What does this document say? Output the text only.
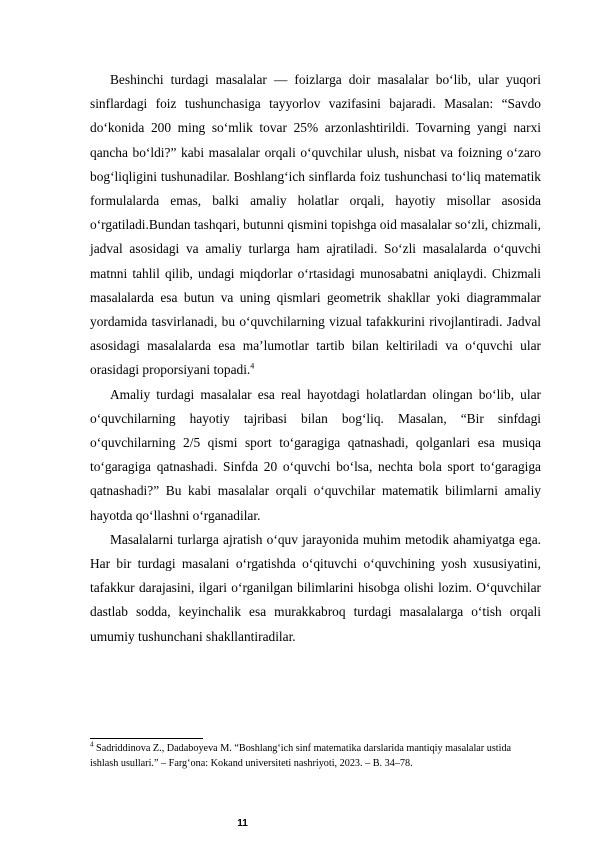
Beshinchi turdagi masalalar — foizlarga doir masalalar bo‘lib, ular yuqori sinflardagi foiz tushunchasiga tayyorlov vazifasini bajaradi. Masalan: “Savdo do‘konida 200 ming so‘mlik tovar 25% arzonlashtirildi. Tovarning yangi narxi qancha bo‘ldi?” kabi masalalar orqali o‘quvchilar ulush, nisbat va foizning o‘zaro bog‘liqligini tushunadilar. Boshlang‘ich sinflarda foiz tushunchasi to‘liq matematik formulalarda emas, balki amaliy holatlar orqali, hayotiy misollar asosida o‘rgatiladi.Bundan tashqari, butunni qismini topishga oid masalalar so‘zli, chizmali, jadval asosidagi va amaliy turlarga ham ajratiladi. So‘zli masalalarda o‘quvchi matnni tahlil qilib, undagi miqdorlar o‘rtasidagi munosabatni aniqlaydi. Chizmali masalalarda esa butun va uning qismlari geometrik shakllar yoki diagrammalar yordamida tasvirlanadi, bu o‘quvchilarning vizual tafakkurini rivojlantiradi. Jadval asosidagi masalalarda esa ma’lumotlar tartib bilan keltiriladi va o‘quvchi ular orasidagi proporsiyani topadi.$^4$

Amaliy turdagi masalalar esa real hayotdagi holatlardan olingan bo‘lib, ular o‘quvchilarning hayotiy tajribasi bilan bog‘liq. Masalan, “Bir sinfdagi o‘quvchilarning 2/5 qismi sport to‘garagiga qatnashadi, qolganlari esa musiqa to‘garagiga qatnashadi. Sinfda 20 o‘quvchi bo‘lsa, nechta bola sport to‘garagiga qatnashadi?” Bu kabi masalalar orqali o‘quvchilar matematik bilimlarni amaliy hayotda qo‘llashni o‘rganadilar.

Masalalarni turlarga ajratish o‘quv jarayonida muhim metodik ahamiyatga ega. Har bir turdagi masalani o‘rgatishda o‘qituvchi o‘quvchining yosh xususiyatini, tafakkur darajasini, ilgari o‘rganilgan bilimlarini hisobga olishi lozim. O‘quvchilar dastlab sodda, keyinchalik esa murakkabroq turdagi masalalarga o‘tish orqali umumiy tushunchani shakllantiradilar.

$^4$ Sadriddinova Z., Dadaboyeva M. “Boshlang‘ich sinf matematika darslarida mantiqiy masalalar ustida ishlash usullari.” – Farg‘ona: Kokand universiteti nashriyoti, 2023. – B. 34–78.
11
